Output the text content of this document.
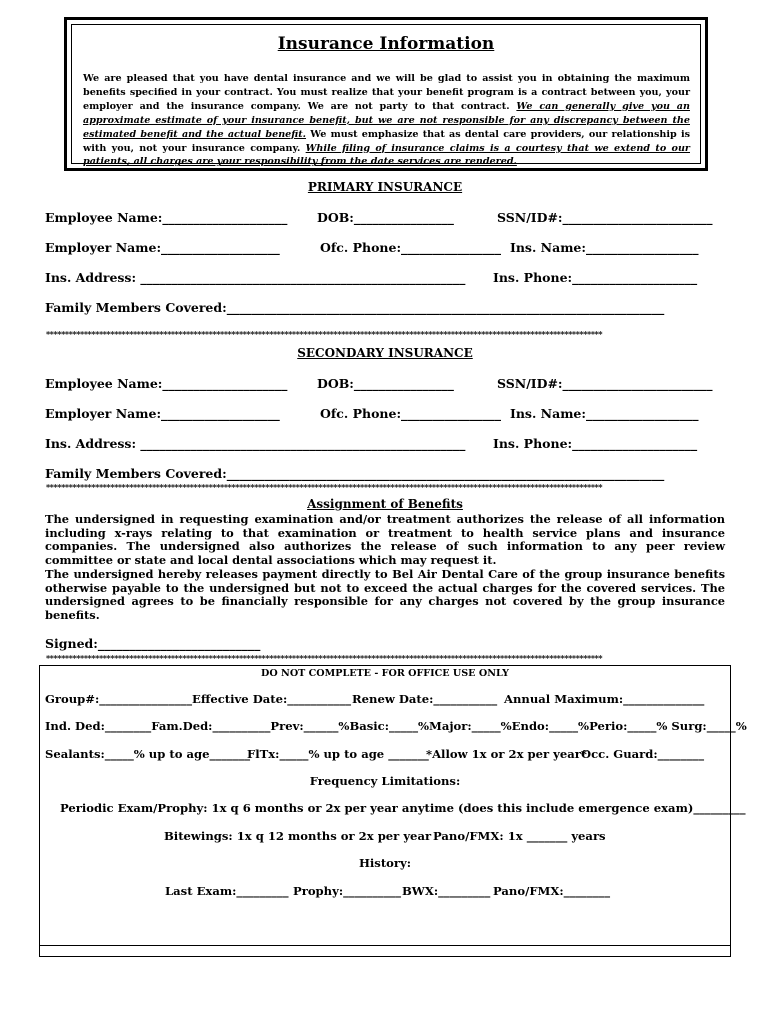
Insurance Information
We are pleased that you have dental insurance and we will be glad to assist you in obtaining the maximum benefits specified in your contract. You must realize that your benefit program is a contract between you, your employer and the insurance company. We are not party to that contract. We can generally give you an approximate estimate of your insurance benefit, but we are not responsible for any discrepancy between the estimated benefit and the actual benefit. We must emphasize that as dental care providers, our relationship is with you, not your insurance company. While filing of insurance claims is a courtesy that we extend to our patients, all charges are your responsibility from the date services are rendered.
PRIMARY INSURANCE
Employee Name:____________________ DOB:________________	SSN/ID#:________________________
Employer Name:___________________	Ofc. Phone:________________ Ins. Name:__________________
Ins. Address: ____________________________________________________ Ins. Phone:____________________
Family Members Covered:______________________________________________________________________
***************************************************************************************************************************************************
SECONDARY INSURANCE
Employee Name:____________________ DOB:________________	SSN/ID#:________________________
Employer Name:___________________	Ofc. Phone:________________ Ins. Name:__________________
Ins. Address: ____________________________________________________ Ins. Phone:____________________
Family Members Covered:______________________________________________________________________
***************************************************************************************************************************************************
Assignment of Benefits

The undersigned in requesting examination and/or treatment authorizes the release of all information including x-rays relating to that examination or treatment to health service plans and insurance companies. The undersigned also authorizes the release of such information to any peer review committee or state and local dental associations which may request it.

The undersigned hereby releases payment directly to Bel Air Dental Care of the group insurance benefits otherwise payable to the undersigned but not to exceed the actual charges for the covered services. The undersigned agrees to be financially responsible for any charges not covered by the group insurance benefits.

Signed:__________________________
***************************************************************************************************************************************************
DO NOT COMPLETE - FOR OFFICE USE ONLY
Group#:________________ Effective Date:___________ Renew Date:___________ Annual Maximum:______________
Ind. Ded:________Fam.Ded:__________Prev:______%Basic:_____%Major:_____%Endo:_____%Perio:_____% Surg:_____%
Sealants:_____% up to age_______
FlTx:_____% up to age _______
*Allow 1x or 2x per year*
Occ. Guard:________
Frequency Limitations:
Periodic Exam/Prophy: 1x q 6 months or 2x per year anytime (does this include emergence exam)_________
Bitewings: 1x q 12 months or 2x per year Pano/FMX: 1x _______ years
History:
Last Exam:_________ Prophy:__________ BWX:_________ Pano/FMX:________
